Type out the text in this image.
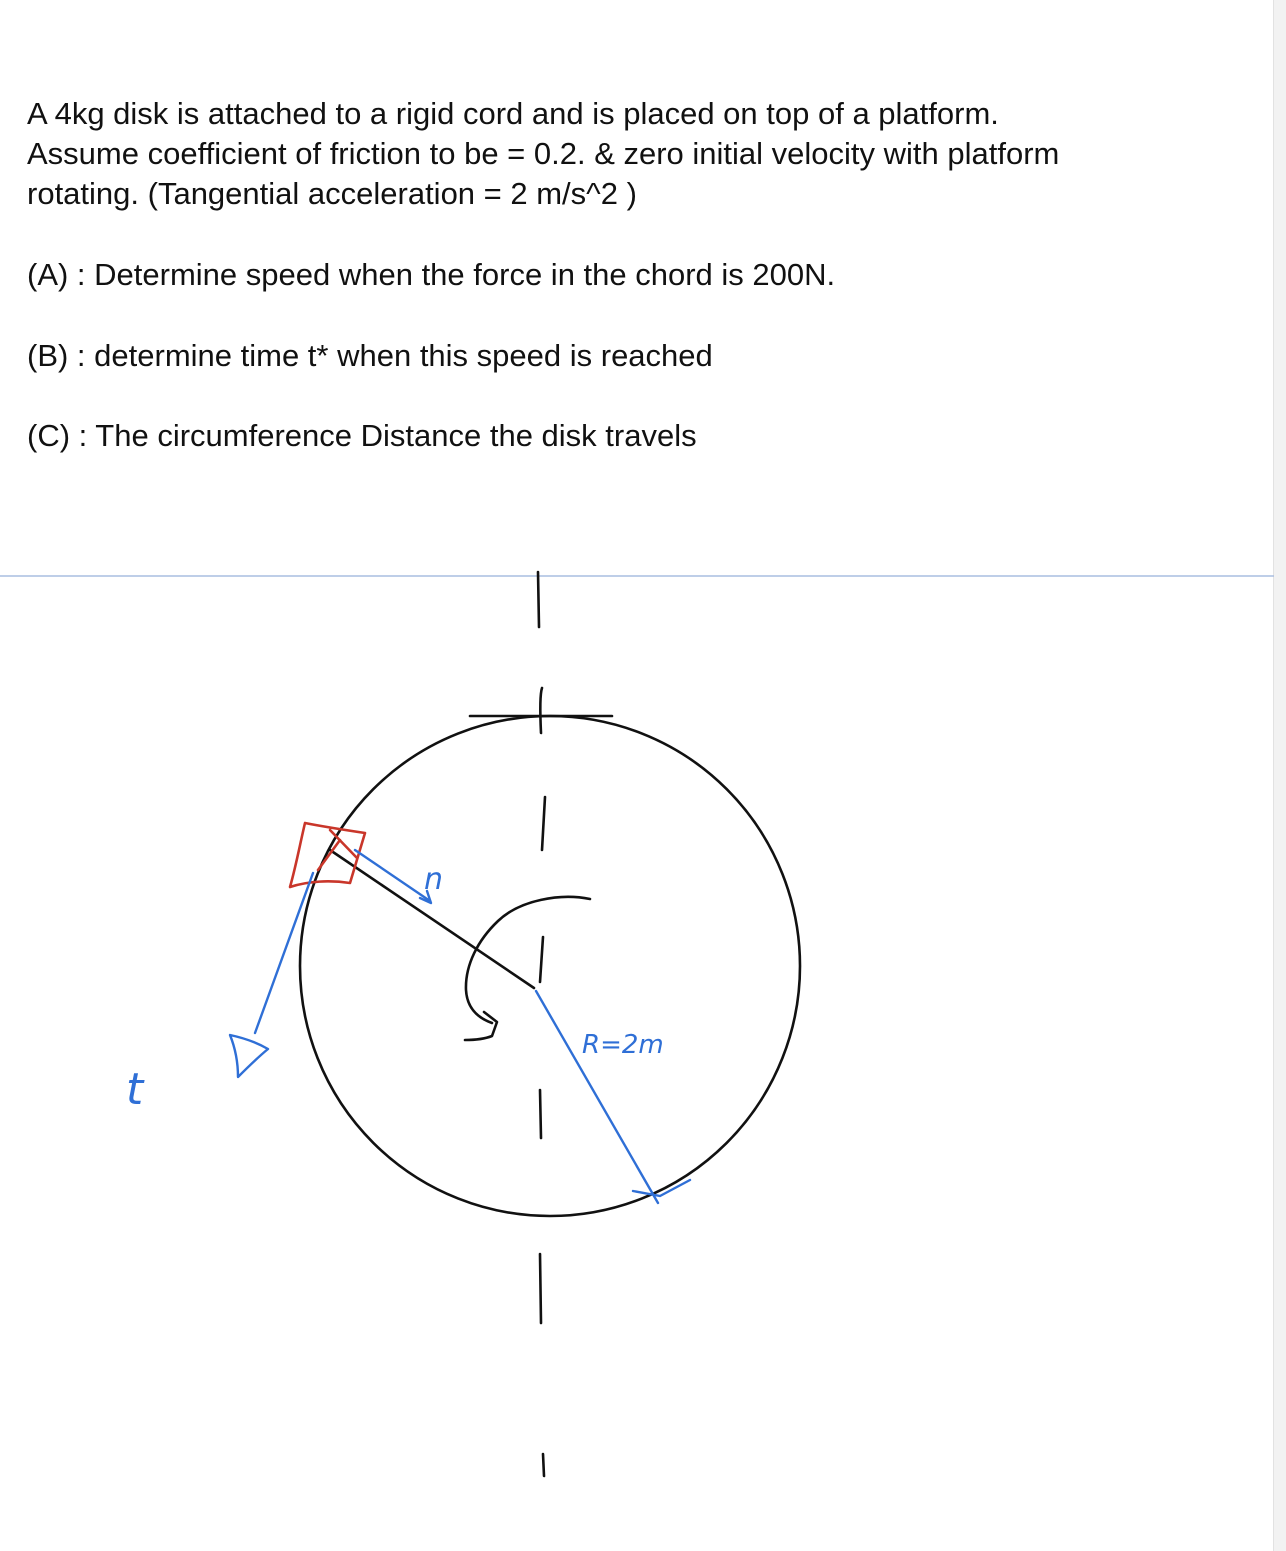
A 4kg disk is attached to a rigid cord and is placed on top of a platform.
Assume coefficient of friction to be = 0.2. & zero initial velocity with platform
rotating. (Tangential acceleration = 2 m/s^2 )

(A) : Determine speed when the force in the chord is 200N.
(B) : determine time t* when this speed is reached
(C) : The circumference Distance the disk travels
n
t
R=2m
